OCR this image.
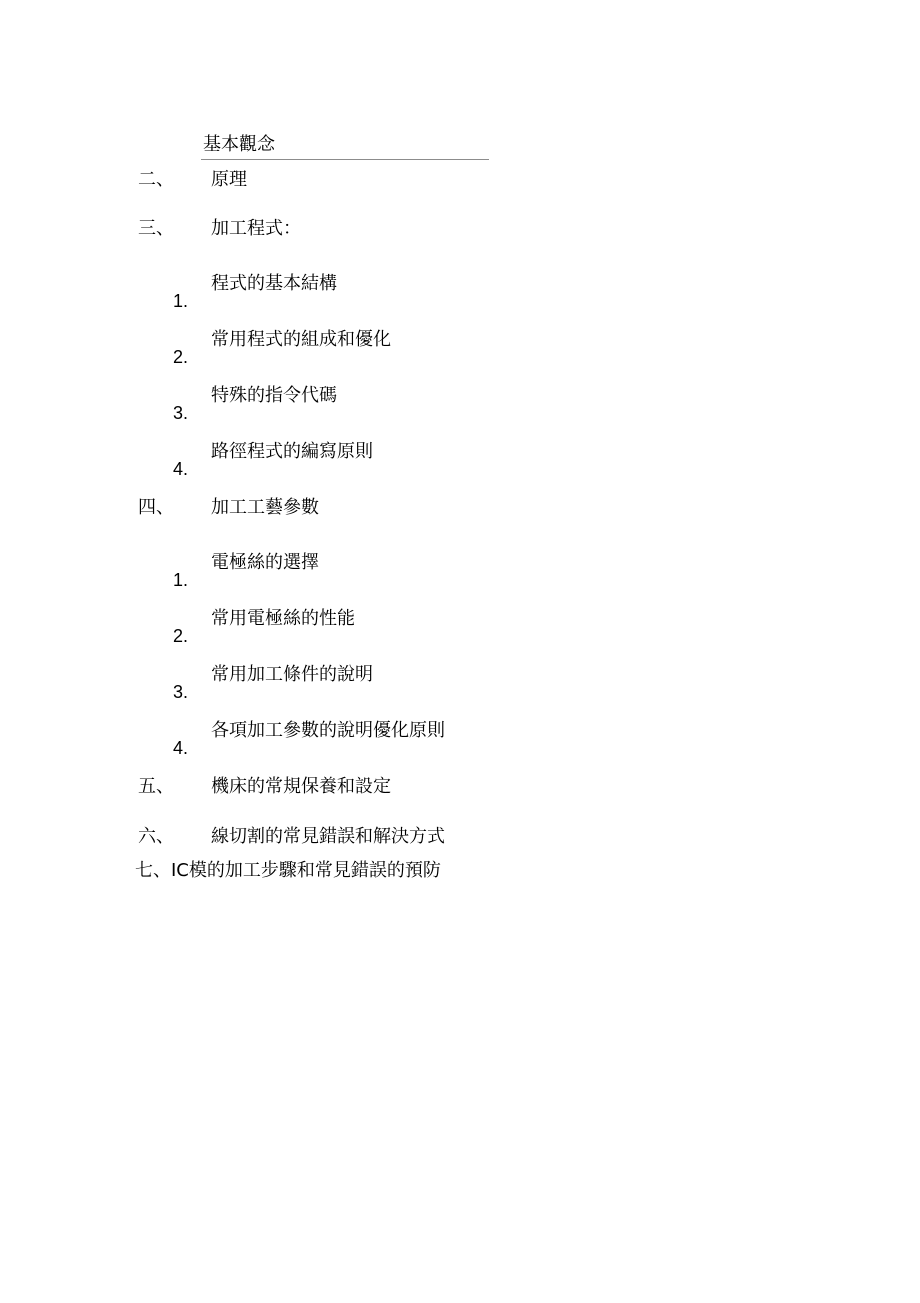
基本觀念
二、 原理
三、 加工程式：
程式的基本結構
1.
常用程式的組成和優化
2.
特殊的指令代碼
3.
路徑程式的編寫原則
4.
四、 加工工藝參數
電極絲的選擇
1.
常用電極絲的性能
2.
常用加工條件的說明
3.
各項加工參數的說明優化原則
4.
五、 機床的常規保養和設定
六、 線切割的常見錯誤和解決方式
七、IC模的加工步驟和常見錯誤的預防
